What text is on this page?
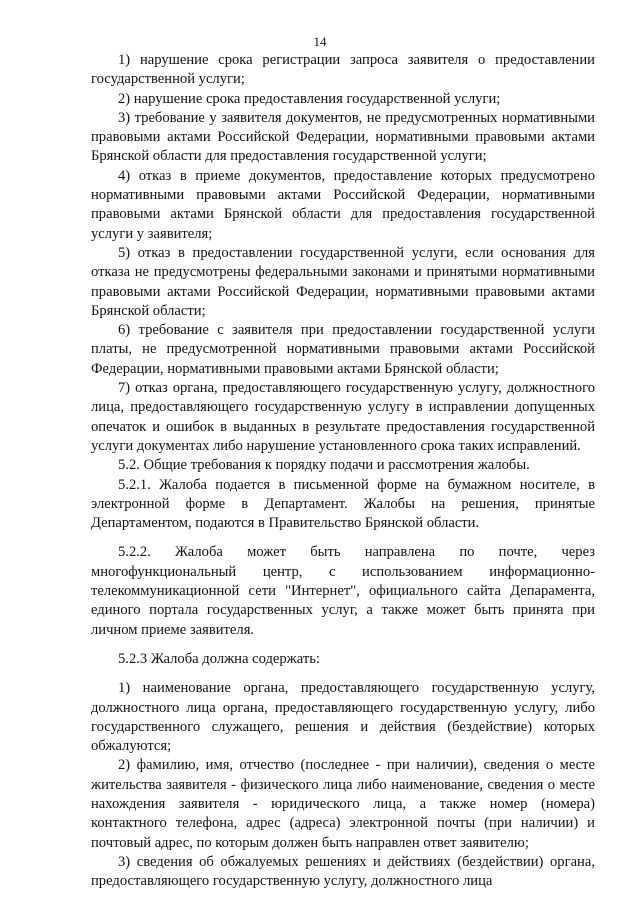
14

1) нарушение срока регистрации запроса заявителя о предоставлении государственной услуги;

2) нарушение срока предоставления государственной услуги;

3) требование у заявителя документов, не предусмотренных нормативными правовыми актами Российской Федерации, нормативными правовыми актами Брянской области для предоставления государственной услуги;

4) отказ в приеме документов, предоставление которых предусмотрено нормативными правовыми актами Российской Федерации, нормативными правовыми актами Брянской области для предоставления государственной услуги у заявителя;

5) отказ в предоставлении государственной услуги, если основания для отказа не предусмотрены федеральными законами и принятыми нормативными правовыми актами Российской Федерации, нормативными правовыми актами Брянской области;

6) требование с заявителя при предоставлении государственной услуги платы, не предусмотренной нормативными правовыми актами Российской Федерации, нормативными правовыми актами Брянской области;

7) отказ органа, предоставляющего государственную услугу, должностного лица, предоставляющего государственную услугу в исправлении допущенных опечаток и ошибок в выданных в результате предоставления государственной услуги документах либо нарушение установленного срока таких исправлений.

5.2. Общие требования к порядку подачи и рассмотрения жалобы.

5.2.1. Жалоба подается в письменной форме на бумажном носителе, в электронной форме в Департамент. Жалобы на решения, принятые Департаментом, подаются в Правительство Брянской области.

5.2.2. Жалоба может быть направлена по почте, через многофункциональный центр, с использованием информационно-телекоммуникационной сети "Интернет", официального сайта Депаpамента, единого портала государственных услуг, а также может быть принята при личном приеме заявителя.

5.2.3 Жалоба должна содержать:

1) наименование органа, предоставляющего государственную услугу, должностного лица органа, предоставляющего государственную услугу, либо государственного служащего, решения и действия (бездействие) которых обжалуются;

2) фамилию, имя, отчество (последнее - при наличии), сведения о месте жительства заявителя - физического лица либо наименование, сведения о месте нахождения заявителя - юридического лица, а также номер (номера) контактного телефона, адрес (адреса) электронной почты (при наличии) и почтовый адрес, по которым должен быть направлен ответ заявителю;

3) сведения об обжалуемых решениях и действиях (бездействии) органа, предоставляющего государственную услугу, должностного лица
